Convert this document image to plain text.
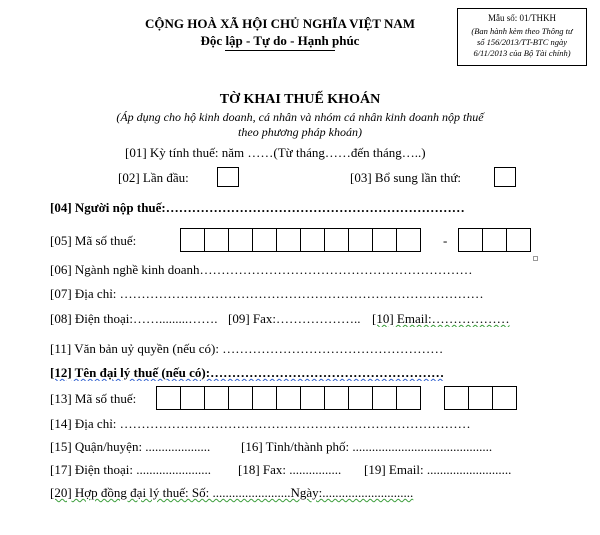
CỘNG HOÀ XÃ HỘI CHỦ NGHĨA VIỆT NAM
Độc lập - Tự do - Hạnh phúc
Mẫu số: 01/THKH
(Ban hành kèm theo Thông tư
số 156/2013/TT-BTC ngày
6/11/2013 của Bộ Tài chính)
TỜ KHAI THUẾ KHOÁN
(Áp dụng cho hộ kinh doanh, cá nhân và nhóm cá nhân kinh doanh nộp thuế
theo phương pháp khoán)
[01] Kỳ tính thuế: năm ……(Từ tháng……đến tháng…..)
[02] Lần đầu:	[03] Bổ sung lần thứ:
[04] Người nộp thuế:……………………………………………………………
[05] Mã số thuế:	-
[06] Ngành nghề kinh doanh………………………………………………………
[07] Địa chỉ: …………………………………………………………………………
[08] Điện thoại:…….........……. [09] Fax:……………….. [10] Email:………………
[11] Văn bản uỷ quyền (nếu có): ……………………………………………
[12] Tên đại lý thuế (nếu có):………………………………………………
[13] Mã số thuế:
[14] Địa chỉ: ………………………………………………………………………
[15] Quận/huyện: .................... [16] Tỉnh/thành phố: ...........................................
[17] Điện thoại: ....................... [18] Fax: ................ [19] Email: ..........................
[20] Hợp đồng đại lý thuế: Số: ........................Ngày:............................
